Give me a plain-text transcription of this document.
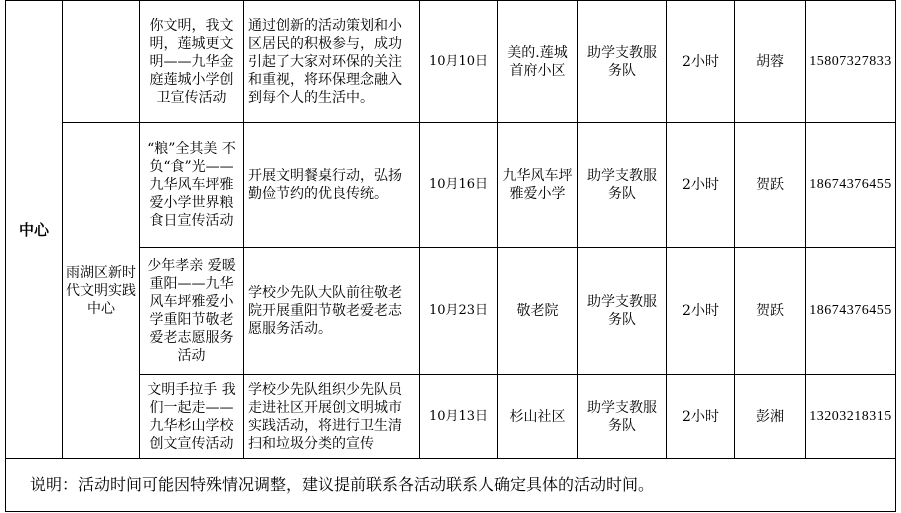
中心		你文明，我文明，莲城更文明——九华金庭莲城小学创卫宣传活动	通过创新的活动策划和小区居民的积极参与，成功引起了大家对环保的关注和重视，将环保理念融入到每个人的生活中。	10月10日	美的.莲城首府小区	助学支教服务队	2小时	胡蓉	15807327833
	雨湖区新时代文明实践中心	“粮”全其美 不负“食”光——九华风车坪雅爱小学世界粮食日宣传活动	开展文明餐桌行动，弘扬勤俭节约的优良传统。	10月16日	九华风车坪雅爱小学	助学支教服务队	2小时	贺跃	18674376455
		少年孝亲 爱暖重阳——九华风车坪雅爱小学重阳节敬老爱老志愿服务活动	学校少先队大队前往敬老院开展重阳节敬老爱老志愿服务活动。	10月23日	敬老院	助学支教服务队	2小时	贺跃	18674376455
		文明手拉手 我们一起走——九华杉山学校创文宣传活动	学校少先队组织少先队员走进社区开展创文明城市实践活动，将进行卫生清扫和垃圾分类的宣传	10月13日	杉山社区	助学支教服务队	2小时	彭湘	13203218315
说明：活动时间可能因特殊情况调整，建议提前联系各活动联系人确定具体的活动时间。									
